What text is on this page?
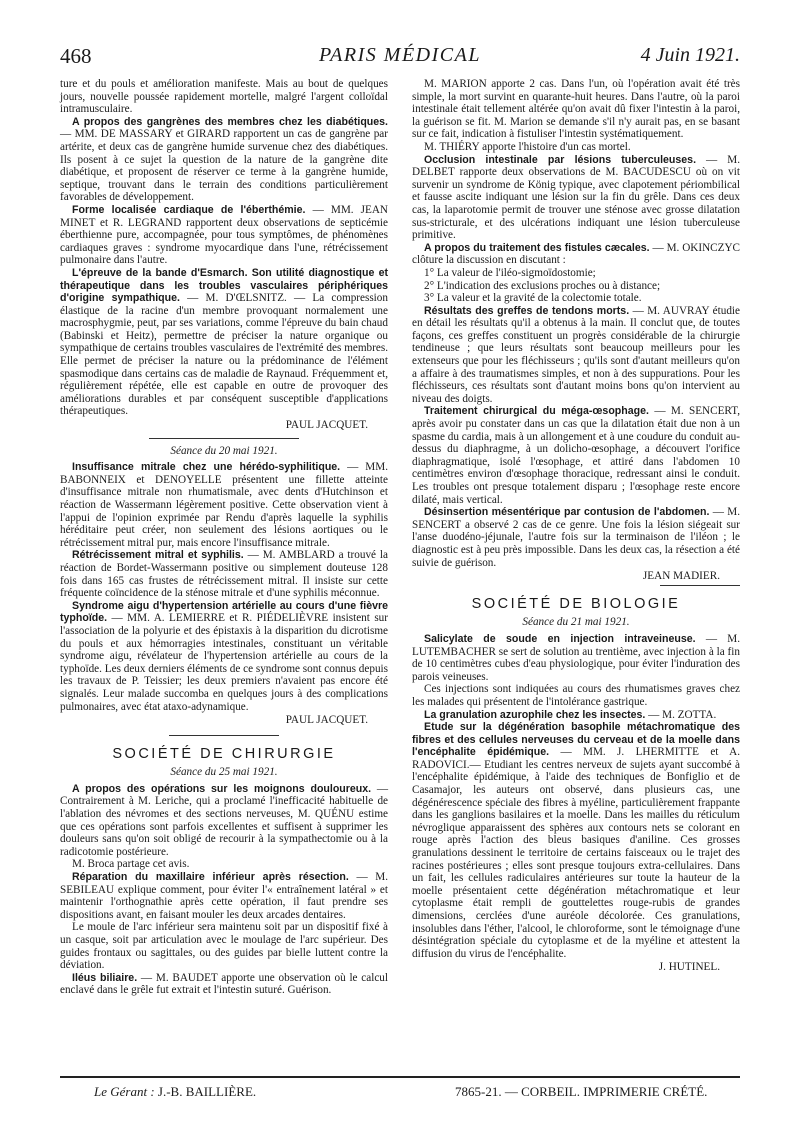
468	PARIS MÉDICAL	4 Juin 1921.

ture et du pouls et amélioration manifeste. Mais au bout de quelques jours, nouvelle poussée rapidement mortelle, malgré l'argent colloïdal intramusculaire.

A propos des gangrènes des membres chez les diabétiques. — MM. DE MASSARY et GIRARD rapportent un cas de gangrène par artérite, et deux cas de gangrène humide survenue chez des diabétiques. Ils posent à ce sujet la question de la nature de la gangrène dite diabétique, et proposent de réserver ce terme à la gangrène humide, septique, trouvant dans le terrain des conditions particulièrement favorables de développement.

Forme localisée cardiaque de l'éberthémie. — MM. JEAN MINET et R. LEGRAND rapportent deux observations de septicémie éberthienne pure, accompagnée, pour tous symptômes, de phénomènes cardiaques graves : syndrome myocardique dans l'une, rétrécissement pulmonaire dans l'autre.

L'épreuve de la bande d'Esmarch. Son utilité diagnostique et thérapeutique dans les troubles vasculaires périphériques d'origine sympathique. — M. D'ŒLSNITZ. — La compression élastique de la racine d'un membre provoquant normalement une macrosphygmie, peut, par ses variations, comme l'épreuve du bain chaud (Babinski et Heitz), permettre de préciser la nature organique ou sympathique de certains troubles vasculaires de l'extrémité des membres. Elle permet de préciser la nature ou la prédominance de l'élément spasmodique dans certains cas de maladie de Raynaud. Fréquemment et, régulièrement répétée, elle est capable en outre de provoquer des améliorations durables et par conséquent susceptible d'applications thérapeutiques.

PAUL JACQUET.
Séance du 20 mai 1921.

Insuffisance mitrale chez une hérédo-syphilitique. — MM. BABONNEIX et DENOYELLE présentent une fillette atteinte d'insuffisance mitrale non rhumatismale, avec dents d'Hutchinson et réaction de Wassermann légèrement positive. Cette observation vient à l'appui de l'opinion exprimée par Rendu d'après laquelle la syphilis héréditaire peut créer, non seulement des lésions aortiques ou le rétrécissement mitral pur, mais encore l'insuffisance mitrale.

Rétrécissement mitral et syphilis. — M. AMBLARD a trouvé la réaction de Bordet-Wassermann positive ou simplement douteuse 128 fois dans 165 cas frustes de rétrécissement mitral. Il insiste sur cette fréquente coïncidence de la sténose mitrale et d'une syphilis méconnue.

Syndrome aigu d'hypertension artérielle au cours d'une fièvre typhoïde. — MM. A. LEMIERRE et R. PIÉDELIÈVRE insistent sur l'association de la polyurie et des épistaxis à la disparition du dicrotisme du pouls et aux hémorragies intestinales, constituant un véritable syndrome aigu, révélateur de l'hypertension artérielle au cours de la typhoïde. Les deux derniers éléments de ce syndrome sont connus depuis les travaux de P. Teissier; les deux premiers n'avaient pas encore été signalés. Leur malade succomba en quelques jours à des complications pulmonaires, avec état ataxo-adynamique.

PAUL JACQUET.
SOCIÉTÉ DE CHIRURGIE
Séance du 25 mai 1921.

A propos des opérations sur les moignons douloureux. — Contrairement à M. Leriche, qui a proclamé l'inefficacité habituelle de l'ablation des névromes et des sections nerveuses, M. QUÉNU estime que ces opérations sont parfois excellentes et suffisent à supprimer les douleurs sans qu'on soit obligé de recourir à la sympathectomie ou à la radicotomie postérieure.

M. Broca partage cet avis.

Réparation du maxillaire inférieur après résection. — M. SEBILEAU explique comment, pour éviter l'« entraînement latéral » et maintenir l'orthognathie après cette opération, il faut prendre ses dispositions avant, en faisant mouler les deux arcades dentaires.

Le moule de l'arc inférieur sera maintenu soit par un dispositif fixé à un casque, soit par articulation avec le moulage de l'arc supérieur. Des guides frontaux ou sagittales, ou des guides par bielle luttent contre la déviation.

Iléus biliaire. — M. BAUDET apporte une observation où le calcul enclavé dans le grêle fut extrait et l'intestin suturé. Guérison.

M. MARION apporte 2 cas. Dans l'un, où l'opération avait été très simple, la mort survint en quarante-huit heures. Dans l'autre, où la paroi intestinale était tellement altérée qu'on avait dû fixer l'intestin à la paroi, la guérison se fit. M. Marion se demande s'il n'y aurait pas, en se basant sur ce fait, indication à fistuliser l'intestin systématiquement.

M. THIÉRY apporte l'histoire d'un cas mortel.

Occlusion intestinale par lésions tuberculeuses. — M. DELBET rapporte deux observations de M. BACUDESCU où on vit survenir un syndrome de König typique, avec clapotement périombilical et fausse ascite indiquant une lésion sur la fin du grêle. Dans ces deux cas, la laparotomie permit de trouver une sténose avec grosse dilatation sus-stricturale, et des ulcérations indiquant une lésion tuberculeuse primitive.

A propos du traitement des fistules cæcales. — M. OKINCZYC clôture la discussion en discutant :

1° La valeur de l'iléo-sigmoïdostomie;

2° L'indication des exclusions proches ou à distance;

3° La valeur et la gravité de la colectomie totale.

Résultats des greffes de tendons morts. — M. AUVRAY étudie en détail les résultats qu'il a obtenus à la main. Il conclut que, de toutes façons, ces greffes constituent un progrès considérable de la chirurgie tendineuse ; que leurs résultats sont beaucoup meilleurs pour les extenseurs que pour les fléchisseurs ; qu'ils sont d'autant meilleurs qu'on a affaire à des traumatismes simples, et non à des suppurations. Pour les fléchisseurs, ces résultats sont d'autant moins bons qu'on intervient au niveau des doigts.

Traitement chirurgical du méga-œsophage. — M. SENCERT, après avoir pu constater dans un cas que la dilatation était due non à un spasme du cardia, mais à un allongement et à une coudure du conduit au-dessus du diaphragme, à un dolicho-œsophage, a découvert l'orifice diaphragmatique, isolé l'œsophage, et attiré dans l'abdomen 10 centimètres environ d'œsophage thoracique, redressant ainsi le conduit. Les troubles ont presque totalement disparu ; l'œsophage reste encore dilaté, mais vertical.

Désinsertion mésentérique par contusion de l'abdomen. — M. SENCERT a observé 2 cas de ce genre. Une fois la lésion siégeait sur l'anse duodéno-jéjunale, l'autre fois sur la terminaison de l'iléon ; le diagnostic est à peu près impossible. Dans les deux cas, la résection a été suivie de guérison.

JEAN MADIER.
SOCIÉTÉ DE BIOLOGIE
Séance du 21 mai 1921.

Salicylate de soude en injection intraveineuse. — M. LUTEMBACHER se sert de solution au trentième, avec injection à la fin de 10 centimètres cubes d'eau physiologique, pour éviter l'induration des parois veineuses.

Ces injections sont indiquées au cours des rhumatismes graves chez les malades qui présentent de l'intolérance gastrique.

La granulation azurophile chez les insectes. — M. ZOTTA.

Etude sur la dégénération basophile métachromatique des fibres et des cellules nerveuses du cerveau et de la moelle dans l'encéphalite épidémique. — MM. J. LHERMITTE et A. RADOVICI.— Etudiant les centres nerveux de sujets ayant succombé à l'encéphalite épidémique, à l'aide des techniques de Bonfiglio et de Casamajor, les auteurs ont observé, dans plusieurs cas, une dégénérescence spéciale des fibres à myéline, particulièrement frappante dans les ganglions basilaires et la moelle. Dans les mailles du réticulum névroglique apparaissent des sphères aux contours nets se colorant en rouge après l'action des bleus basiques d'aniline. Ces grosses granulations dessinent le territoire de certains faisceaux ou le trajet des racines postérieures ; elles sont presque toujours extra-cellulaires. Dans un fait, les cellules radiculaires antérieures sur toute la hauteur de la moelle présentaient cette dégénération métachromatique et leur cytoplasme était rempli de gouttelettes rouge-rubis de grandes dimensions, cerclées d'une auréole décolorée. Ces granulations, insolubles dans l'éther, l'alcool, le chloroforme, sont le témoignage d'une désintégration spéciale du cytoplasme et de la myéline et attestent la diffusion du virus de l'encéphalite.

J. HUTINEL.
Le Gérant : J.-B. BAILLIÈRE.	7865-21. — CORBEIL. IMPRIMERIE CRÉTÉ.
